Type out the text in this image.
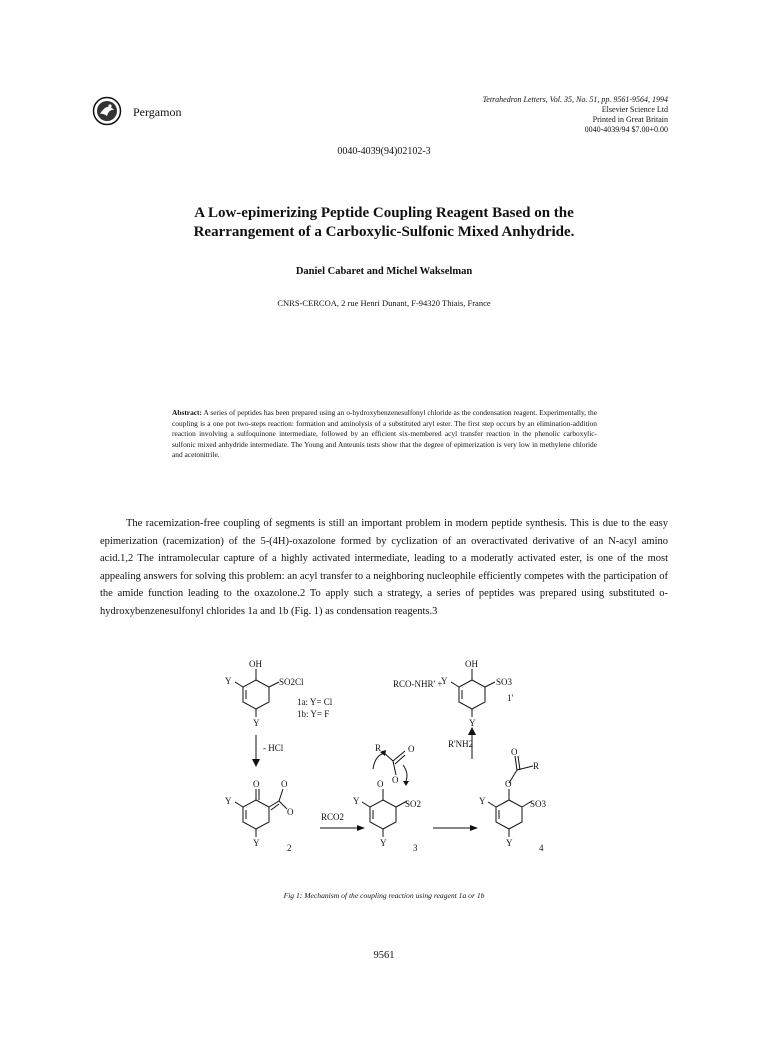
Pergamon
Tetrahedron Letters, Vol. 35, No. 51, pp. 9561-9564, 1994
Elsevier Science Ltd
Printed in Great Britain
0040-4039/94 $7.00+0.00
0040-4039(94)02102-3
A Low-epimerizing Peptide Coupling Reagent Based on the
Rearrangement of a Carboxylic-Sulfonic Mixed Anhydride.
Daniel Cabaret and Michel Wakselman
CNRS-CERCOA, 2 rue Henri Dunant, F-94320 Thiais, France
Abstract: A series of peptides has been prepared using an o-hydroxybenzenesulfonyl chloride as the condensation reagent. Experimentally, the coupling is a one pot two-steps reaction: formation and aminolysis of a substituted aryl ester. The first step occurs by an elimination-addition reaction involving a sulfoquinone intermediate, followed by an efficient six-membered acyl transfer reaction in the phenolic carboxylic-sulfonic mixed anhydride intermediate. The Young and Anteunis tests show that the degree of epimerization is very low in methylene chloride and acetonitrile.

The racemization-free coupling of segments is still an important problem in modern peptide synthesis. This is due to the easy epimerization (racemization) of the 5-(4H)-oxazolone formed by cyclization of an overactivated derivative of an N-acyl amino acid.1,2 The intramolecular capture of a highly activated intermediate, leading to a moderatly activated ester, is one of the most appealing answers for solving this problem: an acyl transfer to a neighboring nucleophile efficiently competes with the participation of the amide function leading to the oxazolone.2 To apply such a strategy, a series of peptides was prepared using substituted o-hydroxybenzenesulfonyl chlorides 1a and 1b (Fig. 1) as condensation reagents.3

OH
Y	SO2Cl
Y
1a: Y= Cl
1b: Y= F
- HCl
OH
Y	SO3
Y
RCO-NHR' +
1'
R'NH2
O O
Y
O
Y	2
RCO2
R	O
O
O
Y	SO2
Y	3
O
R
O
Y	SO3
Y	4
Fig 1: Mechanism of the coupling reaction using reagent 1a or 1b
9561
